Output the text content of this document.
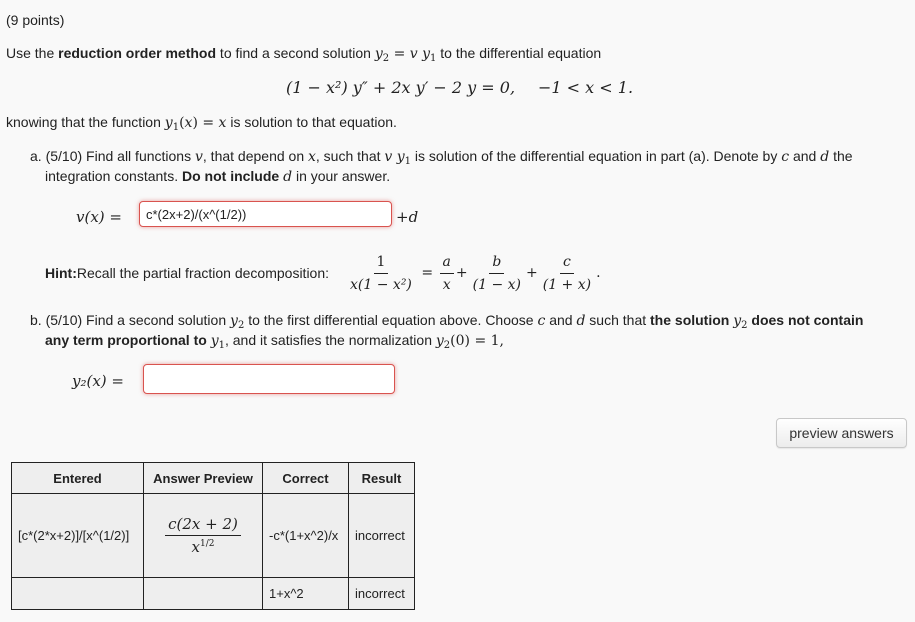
(9 points)
Use the reduction order method to find a second solution $y_2 = v$ $y_1$ to the differential equation
(1 − x²) y″ + 2x y′ − 2 y = 0, −1 < x < 1.
knowing that the function $y_1(x) = x$ is solution to that equation.
a. (5/10) Find all functions v, that depend on x, such that v $y_1$ is solution of the differential equation in part (a). Denote by c and d the
integration constants. Do not include d in your answer.
v(x) =
c*(2x+2)/(x^(1/2))	+d
Hint: Recall the partial fraction decomposition: $\frac{1}{\text{x(1 − x²)}} = \frac{a}{x} + \frac{b}{(1 - x)} + \frac{c}{(1 + x)}$ .
b. (5/10) Find a second solution $y_2$ to the first differential equation above. Choose c and d such that the solution $y_2$ does not contain
any term proportional to $y_1$, and it satisfies the normalization $y_2(0) = 1$,
y₂(x) =
preview answers
Entered	Answer Preview	Correct	Result
[c*(2*x+2)]/[x^(1/2)]	$\frac{c(2x + 2)}{x^{1/2}}$	-c*(1+x^2)/x	incorrect
		1+x^2	incorrect
